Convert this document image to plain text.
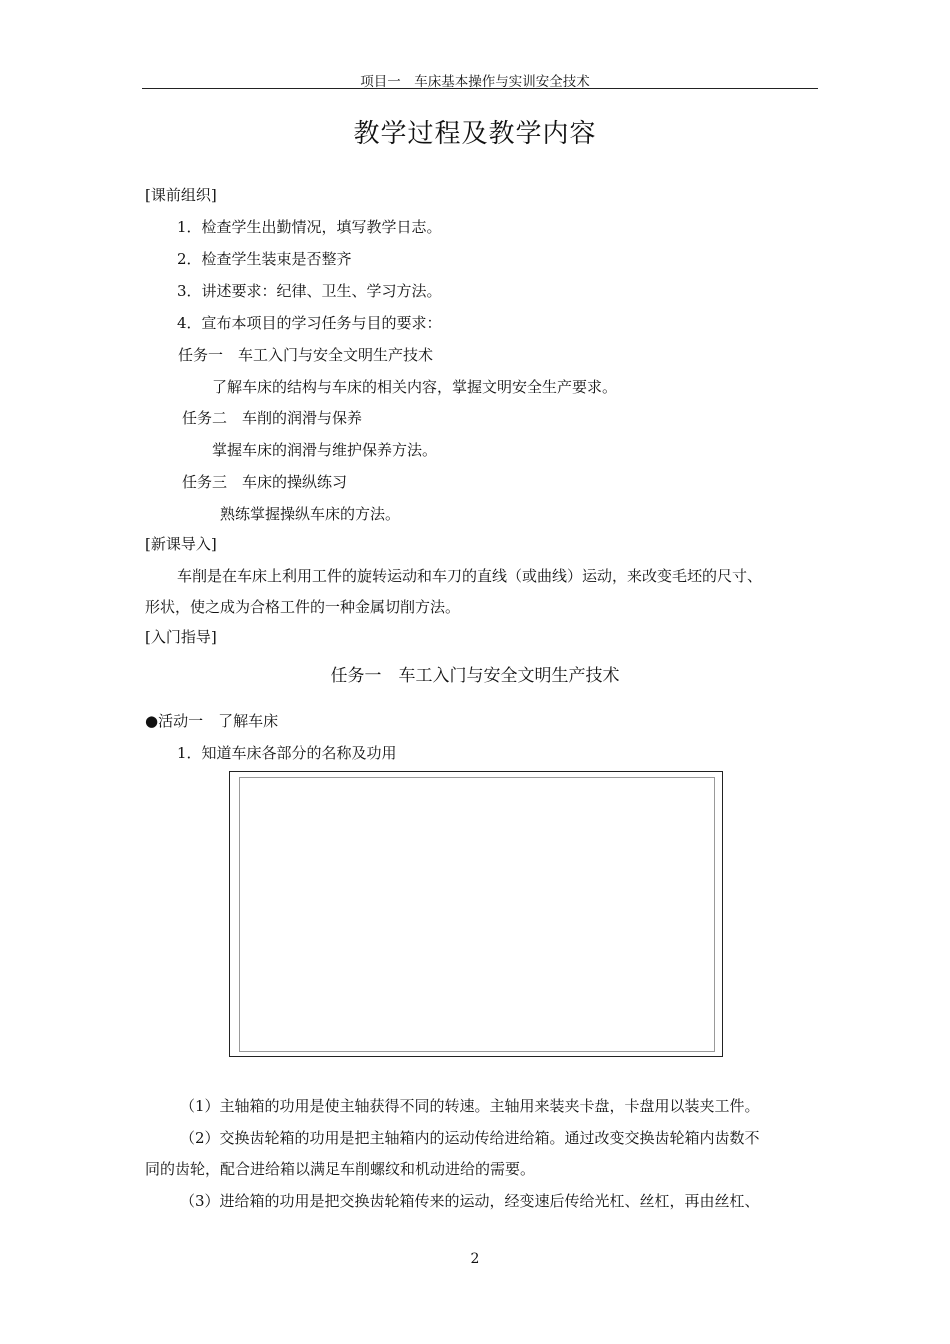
项目一　车床基本操作与实训安全技术
教学过程及教学内容
[课前组织]
1．检查学生出勤情况，填写教学日志。
2．检查学生装束是否整齐
3．讲述要求：纪律、卫生、学习方法。
4．宣布本项目的学习任务与目的要求：
任务一　车工入门与安全文明生产技术
了解车床的结构与车床的相关内容，掌握文明安全生产要求。
任务二　车削的润滑与保养
掌握车床的润滑与维护保养方法。
任务三　车床的操纵练习
熟练掌握操纵车床的方法。
[新课导入]
车削是在车床上利用工件的旋转运动和车刀的直线（或曲线）运动，来改变毛坯的尺寸、
形状，使之成为合格工件的一种金属切削方法。
[入门指导]
任务一　车工入门与安全文明生产技术
●活动一　了解车床
1．知道车床各部分的名称及功用
（1）主轴箱的功用是使主轴获得不同的转速。主轴用来装夹卡盘，卡盘用以装夹工件。
（2）交换齿轮箱的功用是把主轴箱内的运动传给进给箱。通过改变交换齿轮箱内齿数不
同的齿轮，配合进给箱以满足车削螺纹和机动进给的需要。
（3）进给箱的功用是把交换齿轮箱传来的运动，经变速后传给光杠、丝杠，再由丝杠、
2
